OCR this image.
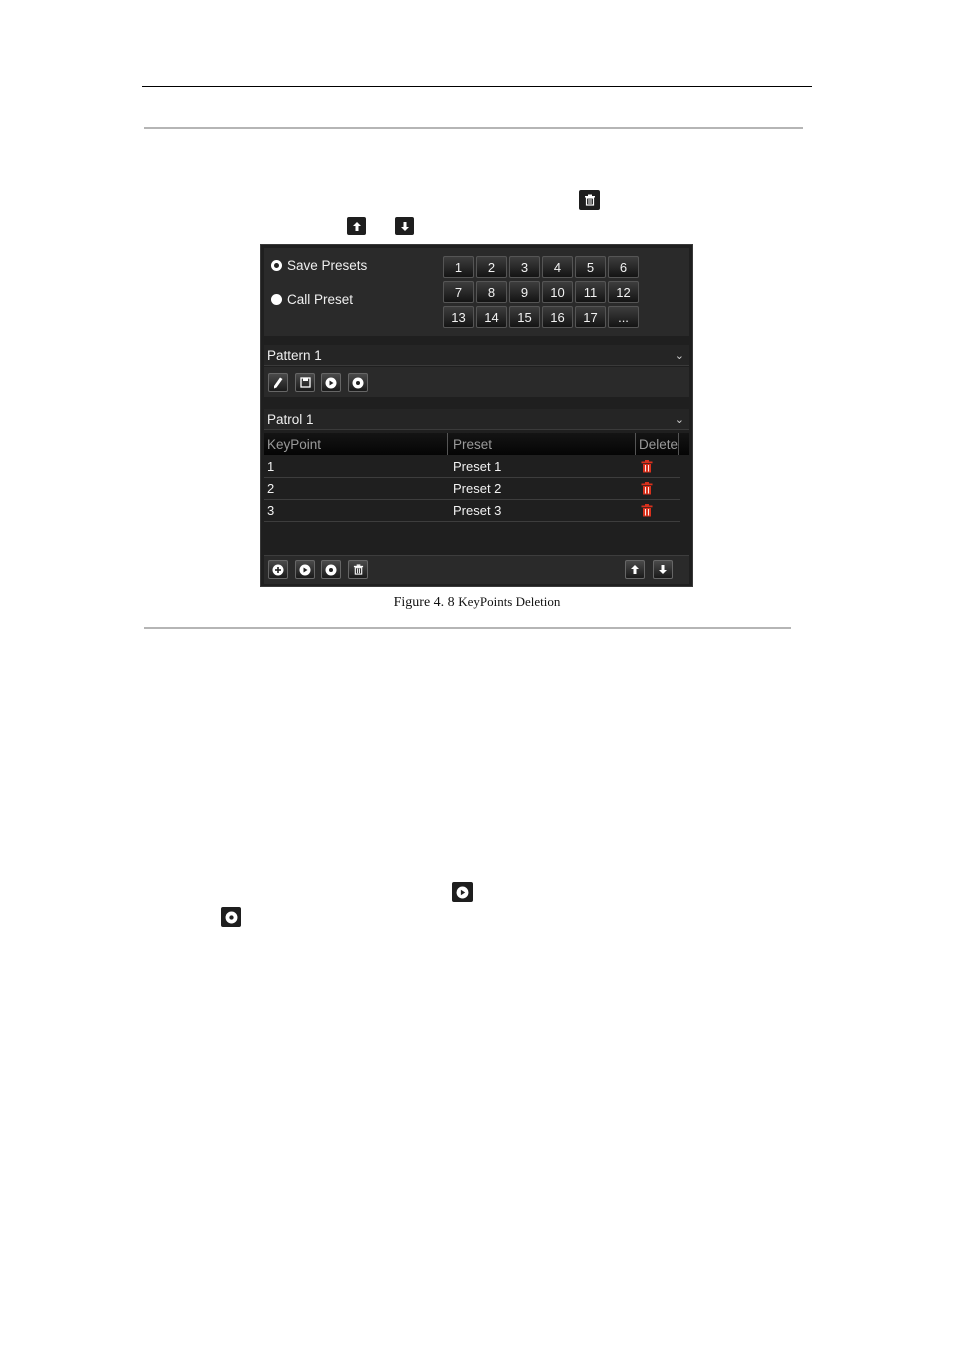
Save Presets
Call Preset
1	2	3	4	5	6
7	8	9	10	11	12
13	14	15	16	17	...
Pattern 1	⌄
Patrol 1	⌄
KeyPoint	Preset	Delete
1	Preset 1
2	Preset 2
3	Preset 3
Figure 4. 8 KeyPoints Deletion
